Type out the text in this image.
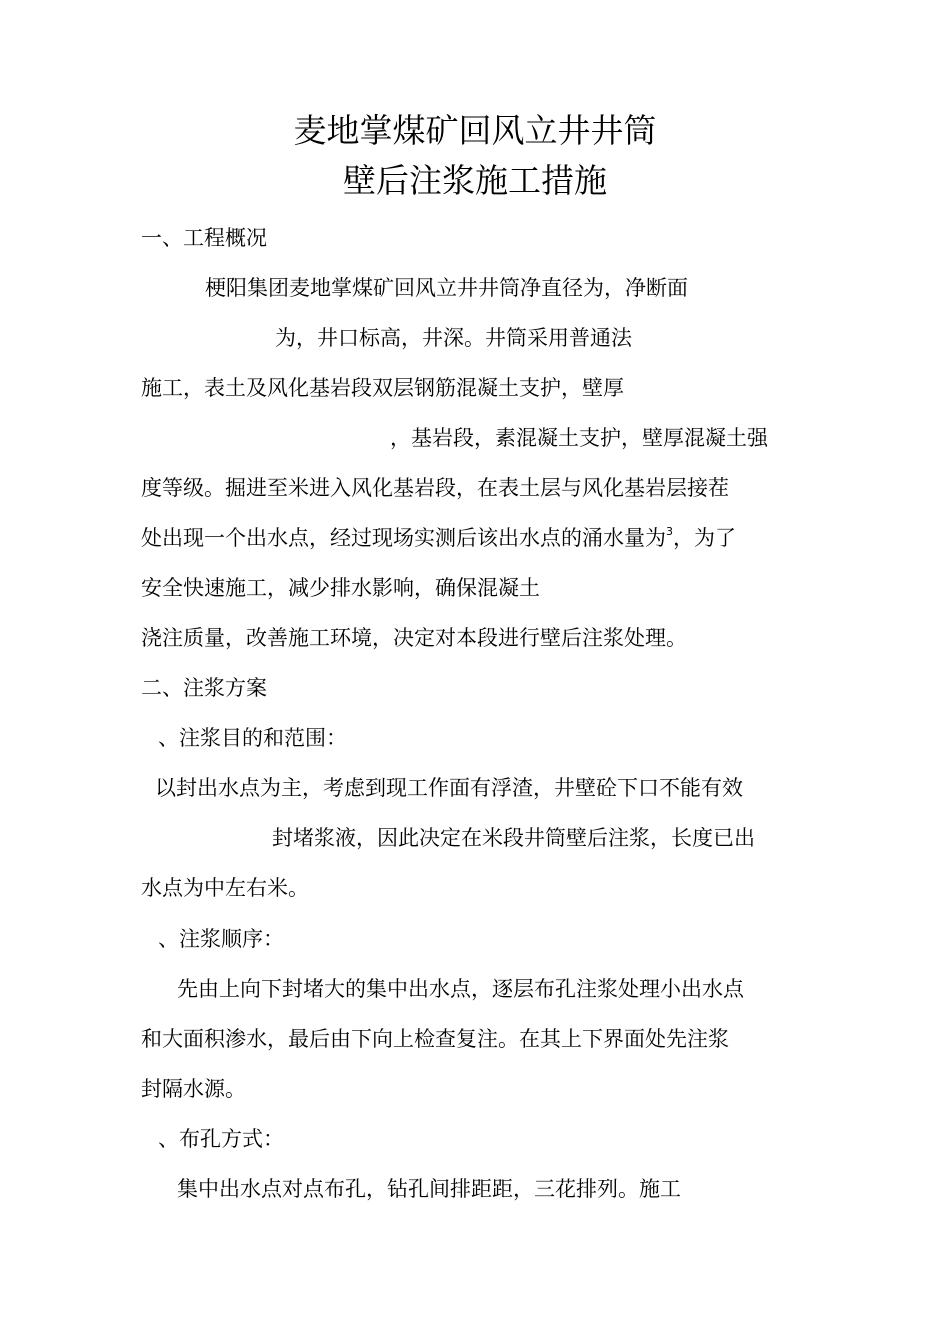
麦地掌煤矿回风立井井筒
壁后注浆施工措施
一、工程概况
梗阳集团麦地掌煤矿回风立井井筒净直径为，净断面
为，井口标高，井深。井筒采用普通法
施工，表土及风化基岩段双层钢筋混凝土支护，壁厚
，基岩段，素混凝土支护，壁厚混凝土强
度等级。掘进至米进入风化基岩段，在表土层与风化基岩层接茬
处出现一个出水点，经过现场实测后该出水点的涌水量为$^3$，为了
安全快速施工，减少排水影响，确保混凝土
浇注质量，改善施工环境，决定对本段进行壁后注浆处理。
二、注浆方案
、注浆目的和范围：
以封出水点为主，考虑到现工作面有浮渣，井壁砼下口不能有效
封堵浆液，因此决定在米段井筒壁后注浆，长度已出
水点为中左右米。
、注浆顺序：
先由上向下封堵大的集中出水点，逐层布孔注浆处理小出水点
和大面积渗水，最后由下向上检查复注。在其上下界面处先注浆
封隔水源。
、布孔方式：
集中出水点对点布孔，钻孔间排距距，三花排列。施工
